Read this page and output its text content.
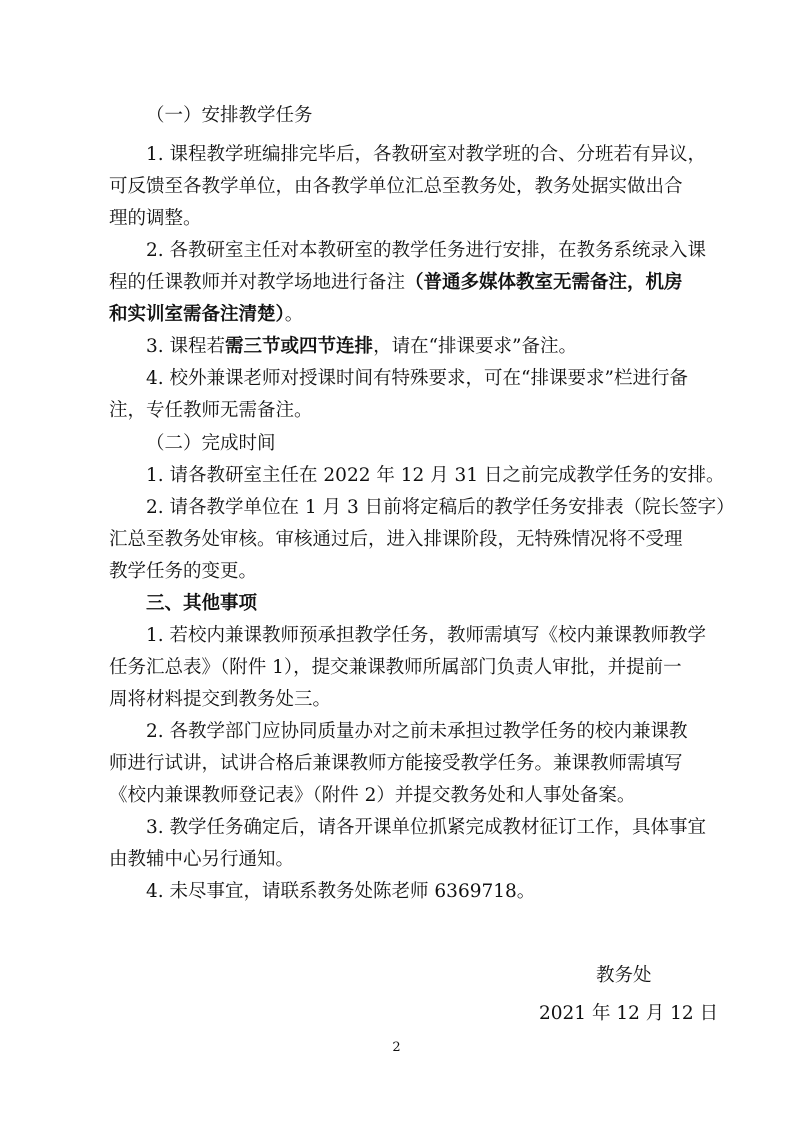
（一）安排教学任务
1. 课程教学班编排完毕后，各教研室对教学班的合、分班若有异议，
可反馈至各教学单位，由各教学单位汇总至教务处，教务处据实做出合
理的调整。
2. 各教研室主任对本教研室的教学任务进行安排，在教务系统录入课
程的任课教师并对教学场地进行备注（普通多媒体教室无需备注，机房
和实训室需备注清楚）。
3. 课程若需三节或四节连排，请在“排课要求”备注。
4. 校外兼课老师对授课时间有特殊要求，可在“排课要求”栏进行备
注，专任教师无需备注。
（二）完成时间
1. 请各教研室主任在 2022 年 12 月 31 日之前完成教学任务的安排。
2. 请各教学单位在 1 月 3 日前将定稿后的教学任务安排表（院长签字）
汇总至教务处审核。审核通过后，进入排课阶段，无特殊情况将不受理
教学任务的变更。
三、其他事项
1. 若校内兼课教师预承担教学任务，教师需填写《校内兼课教师教学
任务汇总表》（附件 1），提交兼课教师所属部门负责人审批，并提前一
周将材料提交到教务处三。
2. 各教学部门应协同质量办对之前未承担过教学任务的校内兼课教
师进行试讲，试讲合格后兼课教师方能接受教学任务。兼课教师需填写
《校内兼课教师登记表》（附件 2）并提交教务处和人事处备案。
3. 教学任务确定后，请各开课单位抓紧完成教材征订工作，具体事宜
由教辅中心另行通知。
4. 未尽事宜，请联系教务处陈老师 6369718。
教务处
2021 年 12 月 12 日
2
